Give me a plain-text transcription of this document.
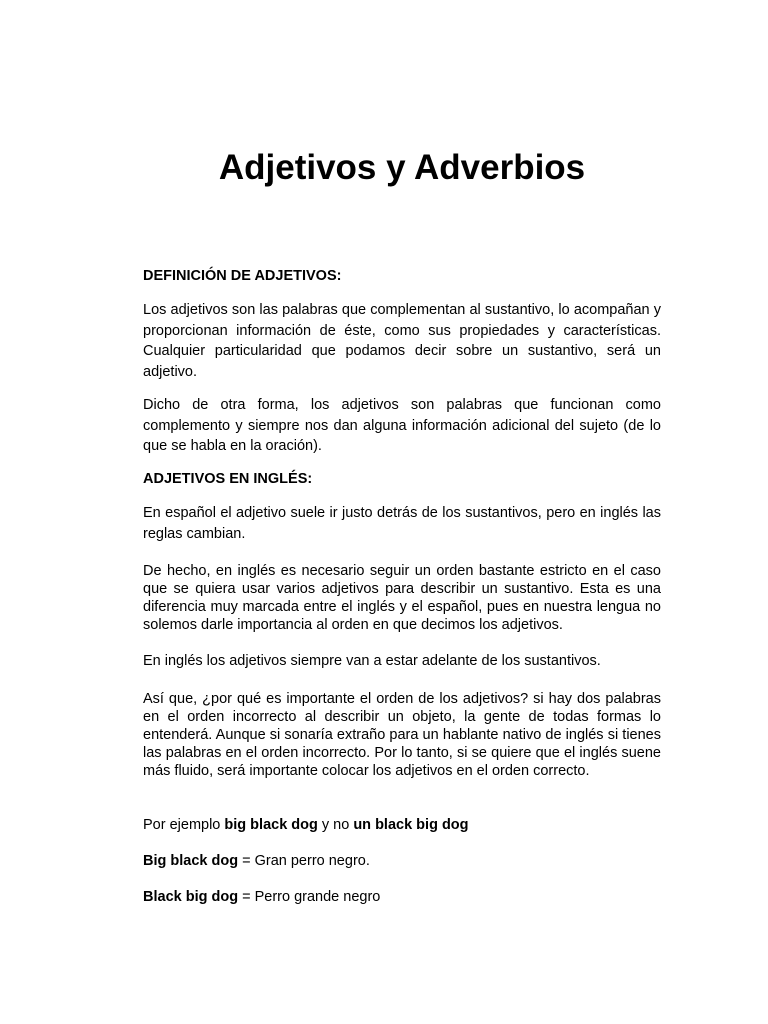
Adjetivos y Adverbios
DEFINICIÓN DE ADJETIVOS:

Los adjetivos son las palabras que complementan al sustantivo, lo acompañan y proporcionan información de éste, como sus propiedades y características. Cualquier particularidad que podamos decir sobre un sustantivo, será un adjetivo.

Dicho de otra forma, los adjetivos son palabras que funcionan como complemento y siempre nos dan alguna información adicional del sujeto (de lo que se habla en la oración).

ADJETIVOS EN INGLÉS:

En español el adjetivo suele ir justo detrás de los sustantivos, pero en inglés las reglas cambian.

De hecho, en inglés es necesario seguir un orden bastante estricto en el caso que se quiera usar varios adjetivos para describir un sustantivo. Esta es una diferencia muy marcada entre el inglés y el español, pues en nuestra lengua no solemos darle importancia al orden en que decimos los adjetivos.

En inglés los adjetivos siempre van a estar adelante de los sustantivos.

Así que, ¿por qué es importante el orden de los adjetivos? si hay dos palabras en el orden incorrecto al describir un objeto, la gente de todas formas lo entenderá. Aunque si sonaría extraño para un hablante nativo de inglés si tienes las palabras en el orden incorrecto. Por lo tanto, si se quiere que el inglés suene más fluido, será importante colocar los adjetivos en el orden correcto.

Por ejemplo big black dog y no un black big dog

Big black dog = Gran perro negro.

Black big dog = Perro grande negro
